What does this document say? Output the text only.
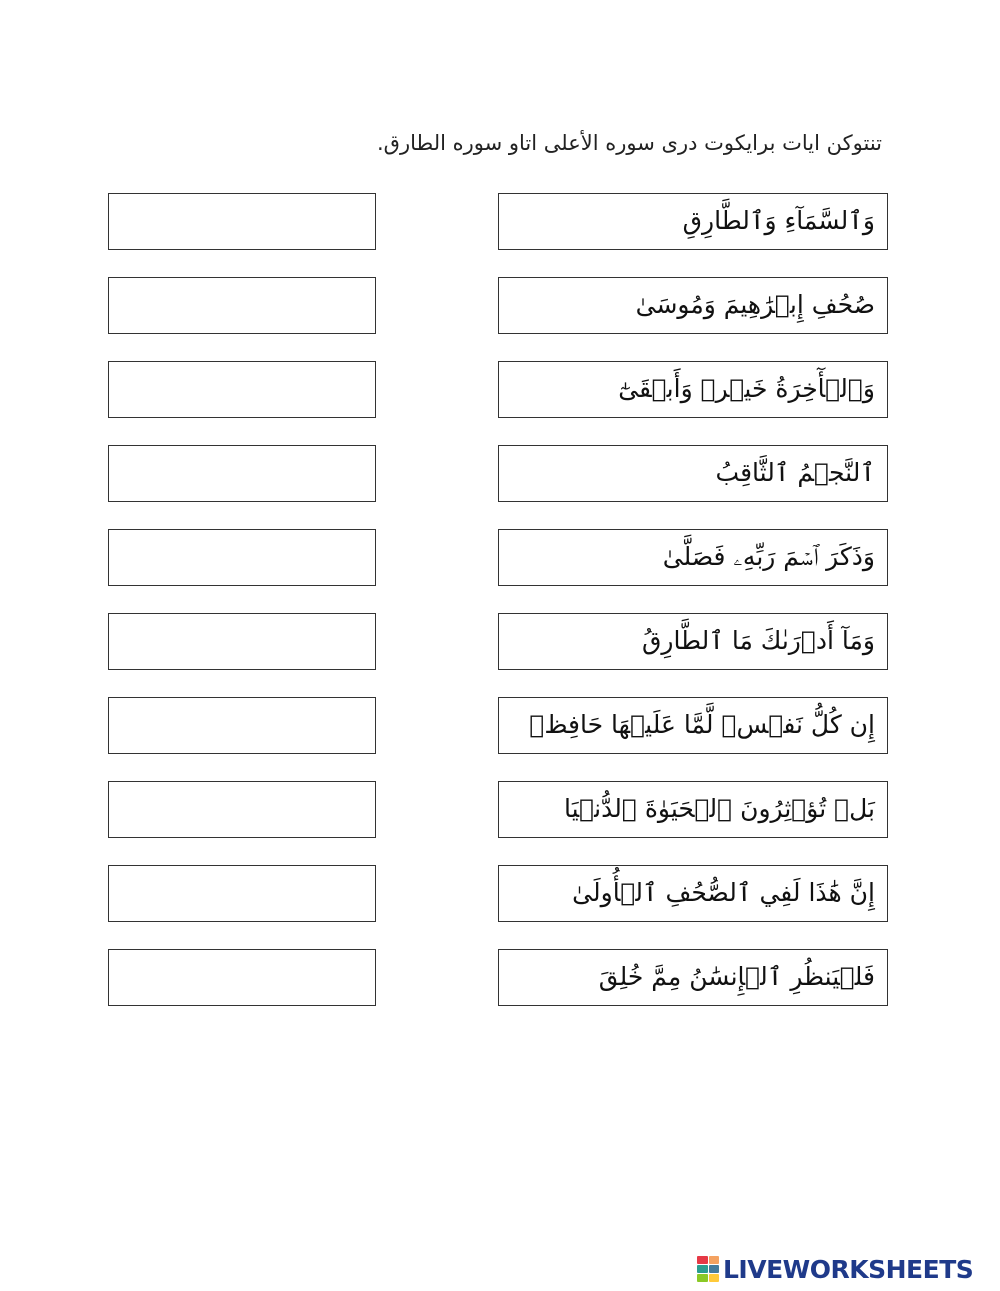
تنتوكن ايات برايكوت درى سوره الأعلى اتاو سوره الطارق.
وَٱلسَّمَآءِ وَٱلطَّارِقِ
صُحُفِ إِبۡرَٰهِيمَ وَمُوسَىٰ
وَٱلۡأٓخِرَةُ خَيۡرٞ وَأَبۡقَىٰٓ
ٱلنَّجۡمُ ٱلثَّاقِبُ
وَذَكَرَ ٱسۡمَ رَبِّهِۦ فَصَلَّىٰ
وَمَآ أَدۡرَىٰكَ مَا ٱلطَّارِقُ
إِن كُلُّ نَفۡسٖ لَّمَّا عَلَيۡهَا حَافِظٞ
بَلۡ تُؤۡثِرُونَ ٱلۡحَيَوٰةَ ٱلدُّنۡيَا
إِنَّ هَٰذَا لَفِي ٱلصُّحُفِ ٱلۡأُولَىٰ
فَلۡيَنظُرِ ٱلۡإِنسَٰنُ مِمَّ خُلِقَ
LIVEWORKSHEETS
